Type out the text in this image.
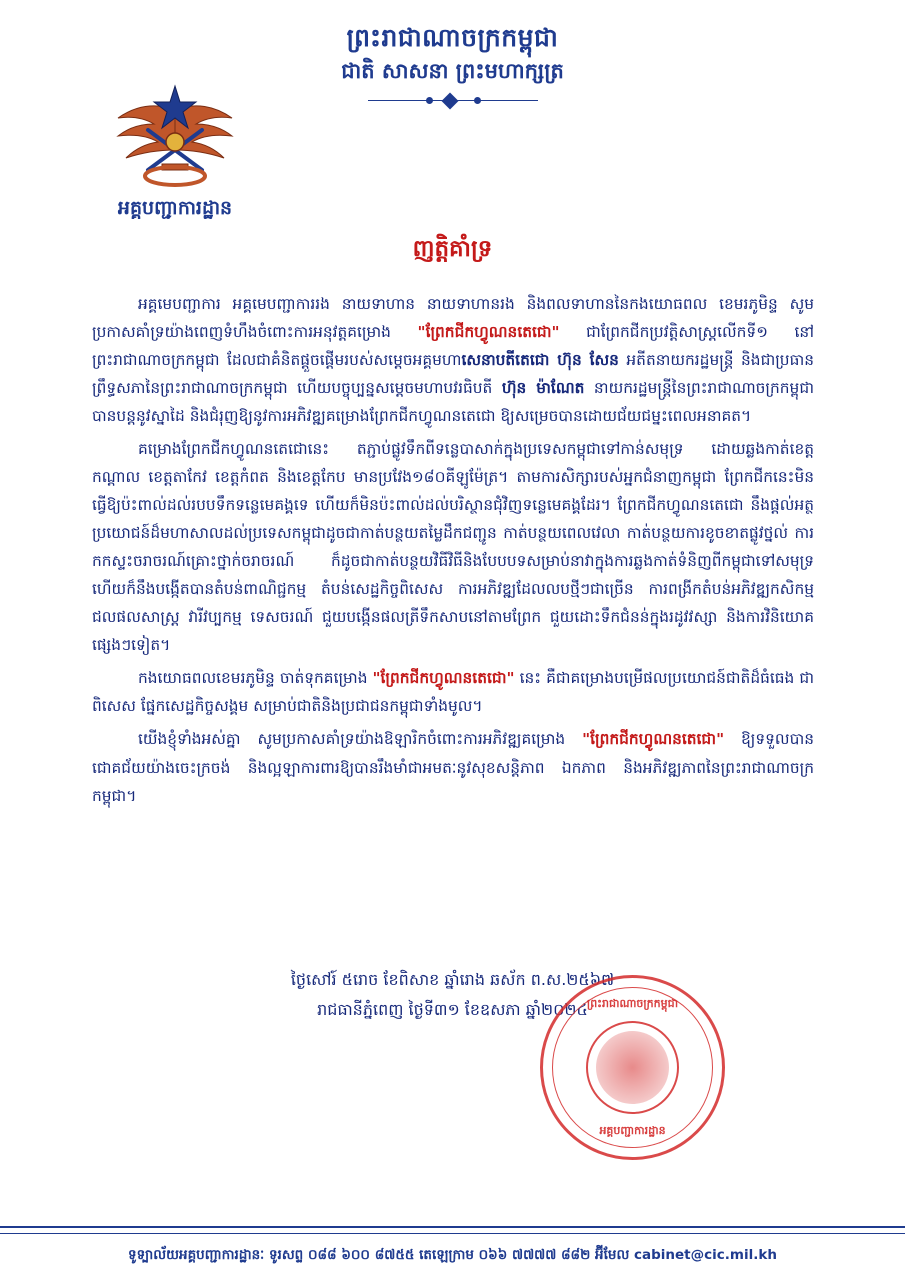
ព្រះរាជាណាចក្រកម្ពុជា
ជាតិ សាសនា ព្រះមហាក្សត្រ
អគ្គបញ្ជាការដ្ឋាន
ញត្តិគាំទ្រ

អគ្គមេបញ្ជាការ អគ្គមេបញ្ជាការរង នាយទាហាន នាយទាហានរង និងពលទាហាននៃកងយោធពល ខេមរភូមិន្ទ សូមប្រកាសគាំទ្រយ៉ាងពេញទំហឹងចំពោះការអនុវត្តគម្រោង "ព្រែកជីកហ្វូណនតេជោ" ជាព្រែកជីកប្រវត្តិសាស្ត្រលើកទី១ នៅព្រះរាជាណាចក្រកម្ពុជា ដែលជាគំនិតផ្តួចផ្តើមរបស់សម្តេចអគ្គមហាសេនាបតីតេជោ ហ៊ុន សែន អតីតនាយករដ្ឋមន្ត្រី និងជាប្រធានព្រឹទ្ធសភានៃព្រះរាជាណាចក្រកម្ពុជា ហើយបច្ចុប្បន្នសម្តេចមហាបវរធិបតី ហ៊ុន ម៉ាណែត នាយករដ្ឋមន្ត្រីនៃព្រះរាជាណាចក្រកម្ពុជា បានបន្តនូវស្នាដៃ និងជំរុញឱ្យនូវការអភិវឌ្ឍគម្រោងព្រែកជីកហ្វូណនតេជោ ឱ្យសម្រេចបានដោយជ័យជម្នះពេលអនាគត។

គម្រោងព្រែកជីកហ្វូណនតេជោនេះ តភ្ជាប់ផ្លូវទឹកពីទន្លេបាសាក់ក្នុងប្រទេសកម្ពុជាទៅកាន់សមុទ្រ ដោយឆ្លងកាត់ខេត្តកណ្តាល ខេត្តតាកែវ ខេត្តកំពត និងខេត្តកែប មានប្រវែង១៨០គីឡូម៉ែត្រ។ តាមការសិក្សារបស់អ្នកជំនាញកម្ពុជា ព្រែកជីកនេះមិនធ្វើឱ្យប៉ះពាល់ដល់របបទឹកទន្លេមេគង្គទេ ហើយក៏មិនប៉ះពាល់ដល់បរិស្ថានជុំវិញទន្លេមេគង្គដែរ។ ព្រែកជីកហ្វូណនតេជោ នឹងផ្តល់អត្ថប្រយោជន៍ដ៏មហាសាលដល់ប្រទេសកម្ពុជាដូចជាកាត់បន្ថយតម្លៃដឹកជញ្ជូន កាត់បន្ថយពេលវេលា កាត់បន្ថយការខូចខាតផ្លូវថ្នល់ ការកកស្ទះចរាចរណ៍គ្រោះថ្នាក់ចរាចរណ៍ ក៏ដូចជាកាត់បន្ថយវិធីវិធីនិងបែបបទសម្រាប់នាវាក្នុងការឆ្លងកាត់ទំនិញពីកម្ពុជាទៅសមុទ្រ ហើយក៏នឹងបង្កើតបានតំបន់ពាណិជ្ជកម្ម តំបន់សេដ្ឋកិច្ចពិសេស ការអភិវឌ្ឍដែលលបថ្មីៗជាច្រើន ការពង្រីកតំបន់អភិវឌ្ឍកសិកម្ម ជលផលសាស្ត្រ វារីវប្បកម្ម ទេសចរណ៍ ជួយបង្កើនផលត្រីទឹកសាបនៅតាមព្រែក ជួយដោះទឹកជំនន់ក្នុងរដូវវស្សា និងការវិនិយោគផ្សេងៗទៀត។

កងយោធពលខេមរភូមិន្ទ ចាត់ទុកគម្រោង "ព្រែកជីកហ្វូណនតេជោ" នេះ គឺជាគម្រោងបម្រើផលប្រយោជន៍ជាតិដ៏ធំធេង ជាពិសេស ផ្នែកសេដ្ឋកិច្ចសង្គម សម្រាប់ជាតិនិងប្រជាជនកម្ពុជាទាំងមូល។

យើងខ្ញុំទាំងអស់គ្នា សូមប្រកាសគាំទ្រយ៉ាងឱឡារិកចំពោះការអភិវឌ្ឍគម្រោង "ព្រែកជីកហ្វូណនតេជោ" ឱ្យទទួលបានជោគជ័យយ៉ាងចេះក្រចង់ និងល្អឡាការពារឱ្យបានរឹងមាំជាអមតៈនូវសុខសន្តិភាព ឯកភាព និងអភិវឌ្ឍភាពនៃព្រះរាជាណាចក្រកម្ពុជា។

ថ្ងៃសៅរ៍ ៥រោច ខែពិសាខ ឆ្នាំរោង ឆស័ក ព.ស.២៥៦៧
រាជធានីភ្នំពេញ ថ្ងៃទី៣១ ខែឧសភា ឆ្នាំ២០២៤ ព្រះរាជាណាចក្រកម្ពុជា
អគ្គបញ្ជាការដ្ឋាន
ទូទ្បាល័យអគ្គបញ្ជាការដ្ឋានៈ ទូរសព្ទ ០៨៨ ៦០០ ៨៧៥៥ តេឡេក្រាម ០៦៦ ៧៧៧៧ ៨៨២ អ៊ីមែល cabinet@cic.mil.kh
